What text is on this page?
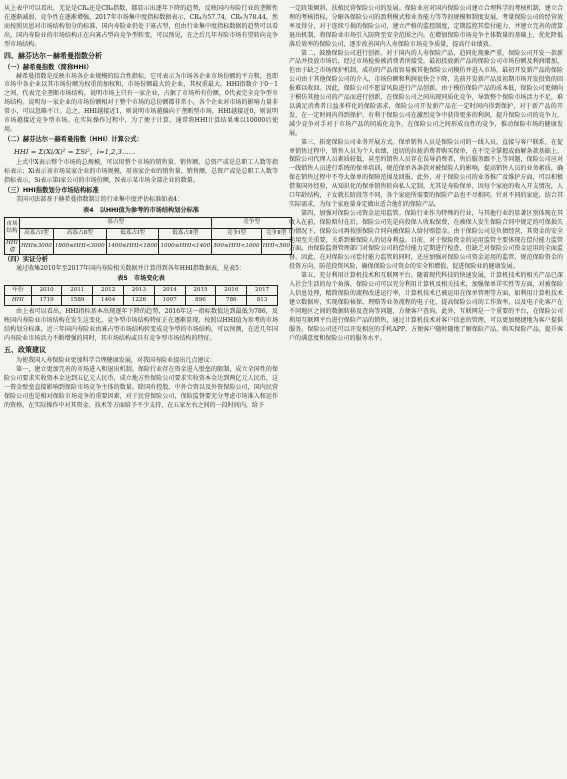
从上表中可以看出，无论是CR₄还是CR₈指数，都显示出逐年下降的趋势，反映国内寿险行业的垄断性在逐渐减弱，竞争性在逐渐增强。2017年市场集中度指标数据表示，CR₄为57.74，CR₈为78.44，然而按照贝恩对市场结构划分的标准，国内寿险业仍处于寡占型，但由行业集中度指标数据的趋势可以看出，国内寿险业的市场结构正在向寡占型向竞争型转变，可以预见，在之后几年寿险市场有望转向竞争型市场结构。

四、赫芬达尔－赫希曼指数分析
（一）赫希曼指数（简称HHI）

赫希曼指数是反映市场各企业规模的综合性指标，它可表示为市场各企业市场份额的平方和，也即市场中各企业以其市场份额为权重的加权和，市场份额最大的企业，其权重最大。HHI指数介于0－1之间，代表完全垄断市场结构，说明市场上只有一家企业，占据了市场所有份额，0代表完全竞争型市场结构。说明每一家企业的市场份额相对于整个市场的总份额都非常小，各个企业对市场的影响力量非常小，可以忽略不计。总之，HHI越接近1，则说明市场越偏向于垄断型市场，HHI越接近0，则说明市场越接近竞争型市场。在实际操作过程中，为了便于计算，通常将HHI计算结果乘以10000后使用。

（二）赫芬达尔－赫希曼指数（HHI）计算公式：
HHI = Σ(Xi/X)² = ΣSi²，i=1,2,3……

上式中X表示整个市场的总规模，可以用整个市场的销售量、销售额、总资产或是总职工人数等指标表示；Xi表示该市场某家企业的市场规模，用该家企业的销售量、销售额、总资产或是总职工人数等指标表示，Si表示第i家公司的市场份额，N表示某市场全部企业的数量。

（三）HHI指数划分市场结构标准

美国司法部基于赫希曼指数制订的行业集中度评估标准如表4：

表4　以HHI值为参考的市场结构划分标准
市场结构	寡占型				竞争型	
	高寡占Ⅰ型	高寡占Ⅱ型	低寡占Ⅰ型	低寡占Ⅱ型	竞争Ⅰ型	竞争Ⅱ型
HHI值	HHI≥3000	1800≤HHI<3000	1400≤HHI<1800	1000≤HHI<1400	500≤HHI<1000	HHI<500
（四）实证分析

通过收集2010年至2017年国内寿险相关数据并计算得到各年HHI指数据表，见表5：

表5　市场变化表
年份	2010	2011	2012	2013	2014	2015	2016	2017
HHI	1719	1589	1404	1226	1007	896	786	813

由上表可以看出，HHI指标基本出现逐年下降的趋势，2016年这一指标数值达到最低为786，反映国内寿险业市场结构在发生这变化，竞争型市场结构特征正在逐渐显现，按照以HHI值为参考的市场结构划分标准，近三年国内寿险业由寡占型市场结构转变成竞争型的市场结构，可以预测，在近几年国内寿险业市场活力不断增强的同时，其市场结构或具有竞争型市场结构的特征。

五、政策建议

为使我国人寿保险业更加科学合理健康发展，对我国寿险业提出几点建议：

第一，建立更加完善的市场进入和退出机制。保险行业存在资金进入壁垒的限制，成立全国性的保险公司要求实收资本金达到五亿元人民币，成立地方性保险公司要求实收资本金达到两亿元人民币，这一资金壁垒直接影响到保险市场竞争主体的数量。除国有控股、中外合资以及外资保险公司，国内民营保险公司也是相对保险市场竞争的重要因素，对于民营保险公司，保险监督要充分考虑市场准入和运作的资格，在实际操作中对其资金、技术等方面给予不少支持，在五家左右之间的一段时间内，给予

一定政策倾斜，扶植民营保险公司的发展。保险业应对国内保险公司建立合理科学的考核机制，建立合理的考核指标，分解各保险公司的盈利模式和业务能力等等的规模和制度发展，考量保险公司的经营效率及得分，对于连续亏损的保险公司，建立严格的监控制度，定期监控其偿付能力，并建立完善的清算退出机制，将保险业市场引入防降至安全范围之内。在增加保险市场竞争主体数量的基础上，优化降低落后效率的保险公司，逐步改善国内人寿保险市场竞争质量，提高行业绩效。

第二，鼓励保险公司进行创新。对于国内的人寿保险产品，趋同化现象严重，保险公司开发一款新产品并投放市场后，经过市场检验被消费者所接受，最初投放新产品的保险公司市场份额及利润增加，但由于缺乏市场保护机制，成功的产品很容易被其他保险公司模仿并进入市场，最初开发新产品的保险公司由于其他保险公司的介入，市场份额和利润很快会下降，先前开发新产品及初期市场开发投资的回报难以收回。因此，保险公司不愿冒风险进行产品创新。由于模仿保险产品的成本低，保险公司更倾向于模仿其他公司的产品而进行创新，在保险公司之间出现同质化竞争，导致整个保险市场活力不足，难以满足消费者日益多样化的保险需求，保险公司开发新产品在一定时间内得到保护，对于新产品的开发，在一定时间内得到保护，有利于保险公司在激烈竞争中获得更多的利润，提升保险公司的竞争力，减少竞争对手对于市场产品的同质化竞争，在保险公司之间形成良性的竞争，推动保险市场的健康发展。

第三，拓宽保险公司业务开展方式。保单销售人员是保险公司的一线人员，直接与客户联系，在促单销售过程中，销售人员为个人业绩，追切的拉拢消费者购买保单，在不完全掌握或曲解条款基础上，保险公司代理人员素质较低，甚至的销售人员存在误导消费者、售后服务跟不上等问题，保险公司应对一线销售人员进行系统的保单培训，规范保单各条款对被保险人的影响，提高销售人员的业务素质，确保在销售过程中不夸大保单的保障范围及回报。此外，对于保险公司的业务推广及维护方面，可以积极借鉴国外经验，从知识化的保单销售转向私人定制，尤其是寿险保单，因每个家庭的收入开支情况，人口年龄结构，子女就长阶段等不同，各个家庭所需要的保险产品也不尽相同。针对不同的家庭，结合其实际需求，为每个家庭量身定做出适合他们的保险产品。

第四，加强对保险公司资金运用监管。保险行业作为特殊的行业，与其他行业的显著区别体现在其收入在前，保险赔付在后，保险公司先是向投保人收取保费，在被保人发生保险合同中规定的可保损失的情况下，保险公司再按照保险合同向被保险人给付赔偿金。由于保险公司是负债经营，其资金的安全运用至关重要，关系到被保险人的切身利益。目前，对于保险资金的运用监管主要体现在偿付能力监管方面，由保险监督管理部门对保险公司的偿付能力定期进行检查，但缺乏对保险公司资金运用的全面监督。因此，在对保险公司偿付能力监管的同时，还应加强对保险公司资金运用的监管，规范保险资金的投资方向，防范投资风险，确保保险公司资金的安全和增值，促进保险业的健康发展。

第五，充分利用计算机技术和互联网平台。随着现代科技的快速发展，计算机技术的相关产品已深入社会生活的每个角落，保险公司可以充分利用计算机及相关技术，加强保单详实性等方面，对被保险人信息处理，精简保险的流程改进运行率，计算机技术已被运用在保单管理等方面，如利用计算机技术建立数据库，实现保险核保、理赔等业务流程的电子化，提高保险公司的工作效率，以及电子化客户在不同地区之间的数据转移及查询等问题，方便客户查询。此外，互联网是一个重要的平台，在保险公司利用互联网平台进行保险产品的销售，通过计算机技术对客户信息的管理，可以更加便捷地为客户提供服务。保险公司还可以开发相应的手机APP，方便客户随时随地了解保险产品、购买保险产品，提升客户的满意度和保险公司的服务水平。
